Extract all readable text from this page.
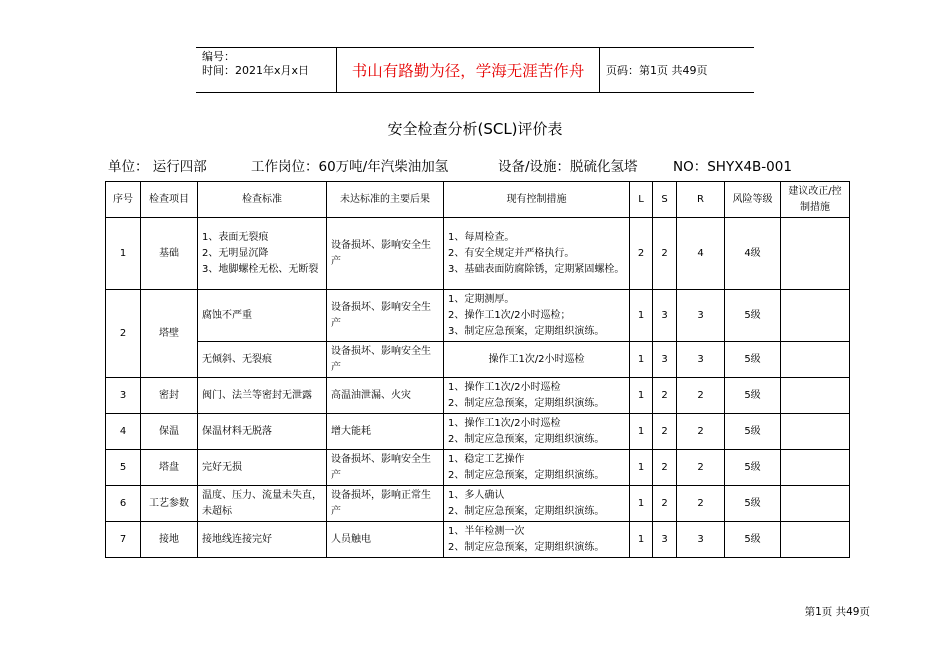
编号：
时间：2021年x月x日	书山有路勤为径，学海无涯苦作舟	页码：第1页 共49页
安全检查分析(SCL)评价表
单位： 运行四部	工作岗位：60万吨/年汽柴油加氢	设备/设施：脱硫化氢塔	NO：SHYX4B-001
序号	检查项目	检查标准	未达标准的主要后果	现有控制措施	L	S	R	风险等级	建议改正/控制措施
1	基础	1、表面无裂痕
2、无明显沉降
3、地脚螺栓无松、无断裂	设备损坏、影响安全生产	1、每周检查。
2、有安全规定并严格执行。
3、基础表面防腐除锈，定期紧固螺栓。	2	2	4	4级	
2	塔壁	腐蚀不严重	设备损坏、影响安全生产	1、定期测厚。
2、操作工1次/2小时巡检；
3、制定应急预案，定期组织演练。	1	3	3	5级	
		无倾斜、无裂痕	设备损坏、影响安全生产	操作工1次/2小时巡检	1	3	3	5级	
3	密封	阀门、法兰等密封无泄露	高温油泄漏、火灾	1、操作工1次/2小时巡检
2、制定应急预案，定期组织演练。	1	2	2	5级	
4	保温	保温材料无脱落	增大能耗	1、操作工1次/2小时巡检
2、制定应急预案，定期组织演练。	1	2	2	5级	
5	塔盘	完好无损	设备损坏、影响安全生产	1、稳定工艺操作
2、制定应急预案，定期组织演练。	1	2	2	5级	
6	工艺参数	温度、压力、流量未失直，未超标	设备损坏，影响正常生产	1、多人确认
2、制定应急预案，定期组织演练。	1	2	2	5级	
7	接地	接地线连接完好	人员触电	1、半年检测一次
2、制定应急预案，定期组织演练。	1	3	3	5级	
第1页 共49页
